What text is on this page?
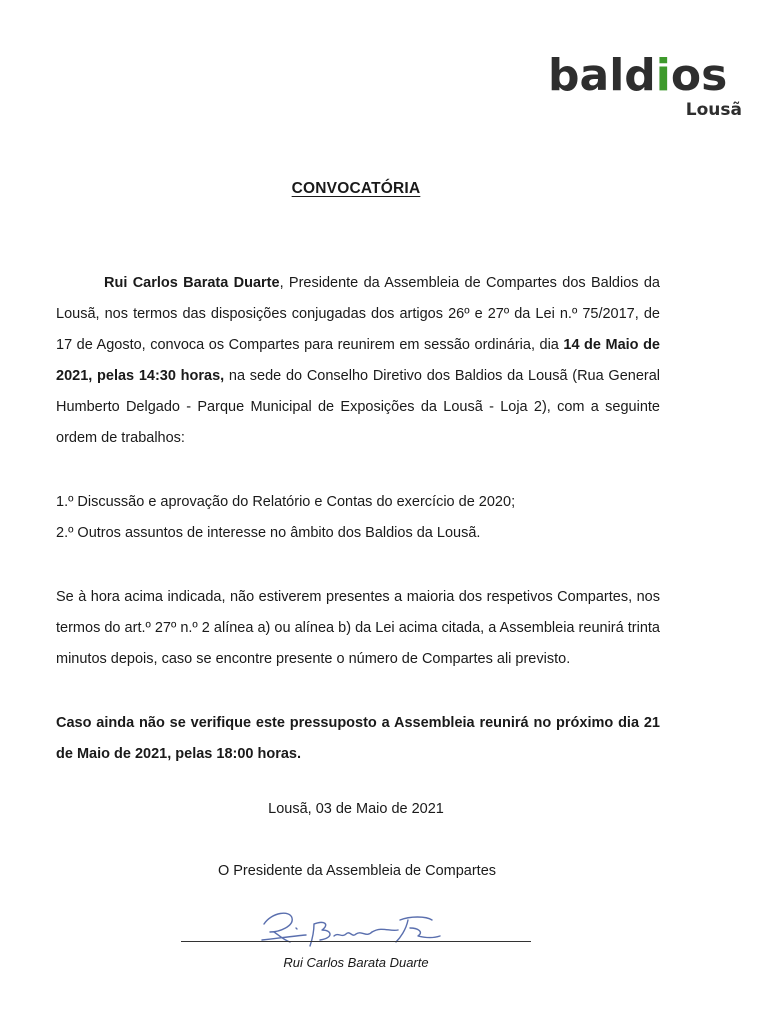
baldios
Lousã
CONVOCATÓRIA
Rui Carlos Barata Duarte, Presidente da Assembleia de Compartes dos Baldios da Lousã, nos termos das disposições conjugadas dos artigos 26º e 27º da Lei n.º 75/2017, de 17 de Agosto, convoca os Compartes para reunirem em sessão ordinária, dia 14 de Maio de 2021, pelas 14:30 horas, na sede do Conselho Diretivo dos Baldios da Lousã (Rua General Humberto Delgado - Parque Municipal de Exposições da Lousã - Loja 2), com a seguinte ordem de trabalhos:
1.º Discussão e aprovação do Relatório e Contas do exercício de 2020;
2.º Outros assuntos de interesse no âmbito dos Baldios da Lousã.
Se à hora acima indicada, não estiverem presentes a maioria dos respetivos Compartes, nos termos do art.º 27º n.º 2 alínea a) ou alínea b) da Lei acima citada, a Assembleia reunirá trinta minutos depois, caso se encontre presente o número de Compartes ali previsto.
Caso ainda não se verifique este pressuposto a Assembleia reunirá no próximo dia 21 de Maio de 2021, pelas 18:00 horas.
Lousã, 03 de Maio de 2021
O Presidente da Assembleia de Compartes
Rui Carlos Barata Duarte
